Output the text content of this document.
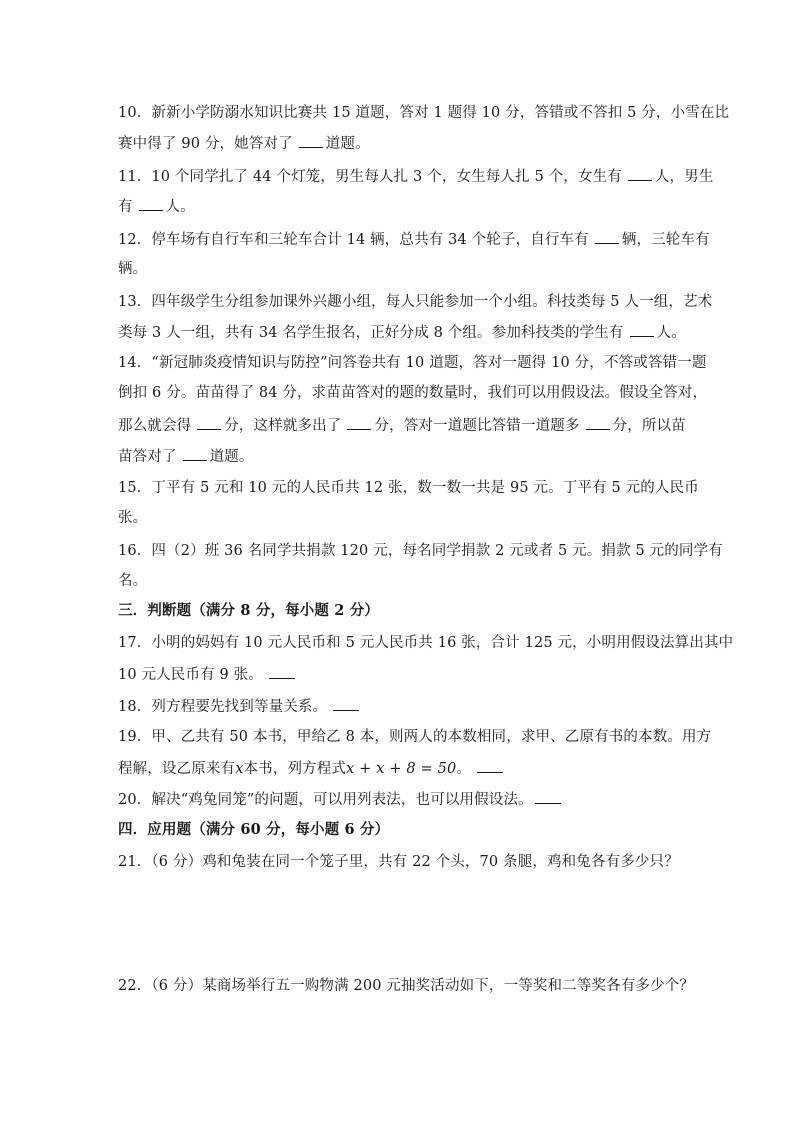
10．新新小学防溺水知识比赛共 15 道题，答对 1 题得 10 分，答错或不答扣 5 分，小雪在比
赛中得了 90 分，她答对了 道题。
11．10 个同学扎了 44 个灯笼，男生每人扎 3 个，女生每人扎 5 个，女生有 人，男生
有 人。
12．停车场有自行车和三轮车合计 14 辆，总共有 34 个轮子，自行车有 辆，三轮车有
辆。
13．四年级学生分组参加课外兴趣小组，每人只能参加一个小组。科技类每 5 人一组，艺术
类每 3 人一组，共有 34 名学生报名，正好分成 8 个组。参加科技类的学生有 人。
14．“新冠肺炎疫情知识与防控”问答卷共有 10 道题，答对一题得 10 分，不答或答错一题
倒扣 6 分。苗苗得了 84 分，求苗苗答对的题的数量时，我们可以用假设法。假设全答对，
那么就会得 分，这样就多出了 分，答对一道题比答错一道题多 分，所以苗
苗答对了 道题。
15．丁平有 5 元和 10 元的人民币共 12 张，数一数一共是 95 元。丁平有 5 元的人民币
张。
16．四（2）班 36 名同学共捐款 120 元，每名同学捐款 2 元或者 5 元。捐款 5 元的同学有
名。
三．判断题（满分 8 分，每小题 2 分）
17．小明的妈妈有 10 元人民币和 5 元人民币共 16 张，合计 125 元，小明用假设法算出其中
10 元人民币有 9 张。
18．列方程要先找到等量关系。
19．甲、乙共有 50 本书，甲给乙 8 本，则两人的本数相同，求甲、乙原有书的本数。用方
程解，设乙原来有x本书，列方程式x + x + 8 = 50。
20．解决“鸡兔同笼”的问题，可以用列表法，也可以用假设法。
四．应用题（满分 60 分，每小题 6 分）
21．（6 分）鸡和兔装在同一个笼子里，共有 22 个头，70 条腿，鸡和兔各有多少只？
22．（6 分）某商场举行五一购物满 200 元抽奖活动如下，一等奖和二等奖各有多少个？
